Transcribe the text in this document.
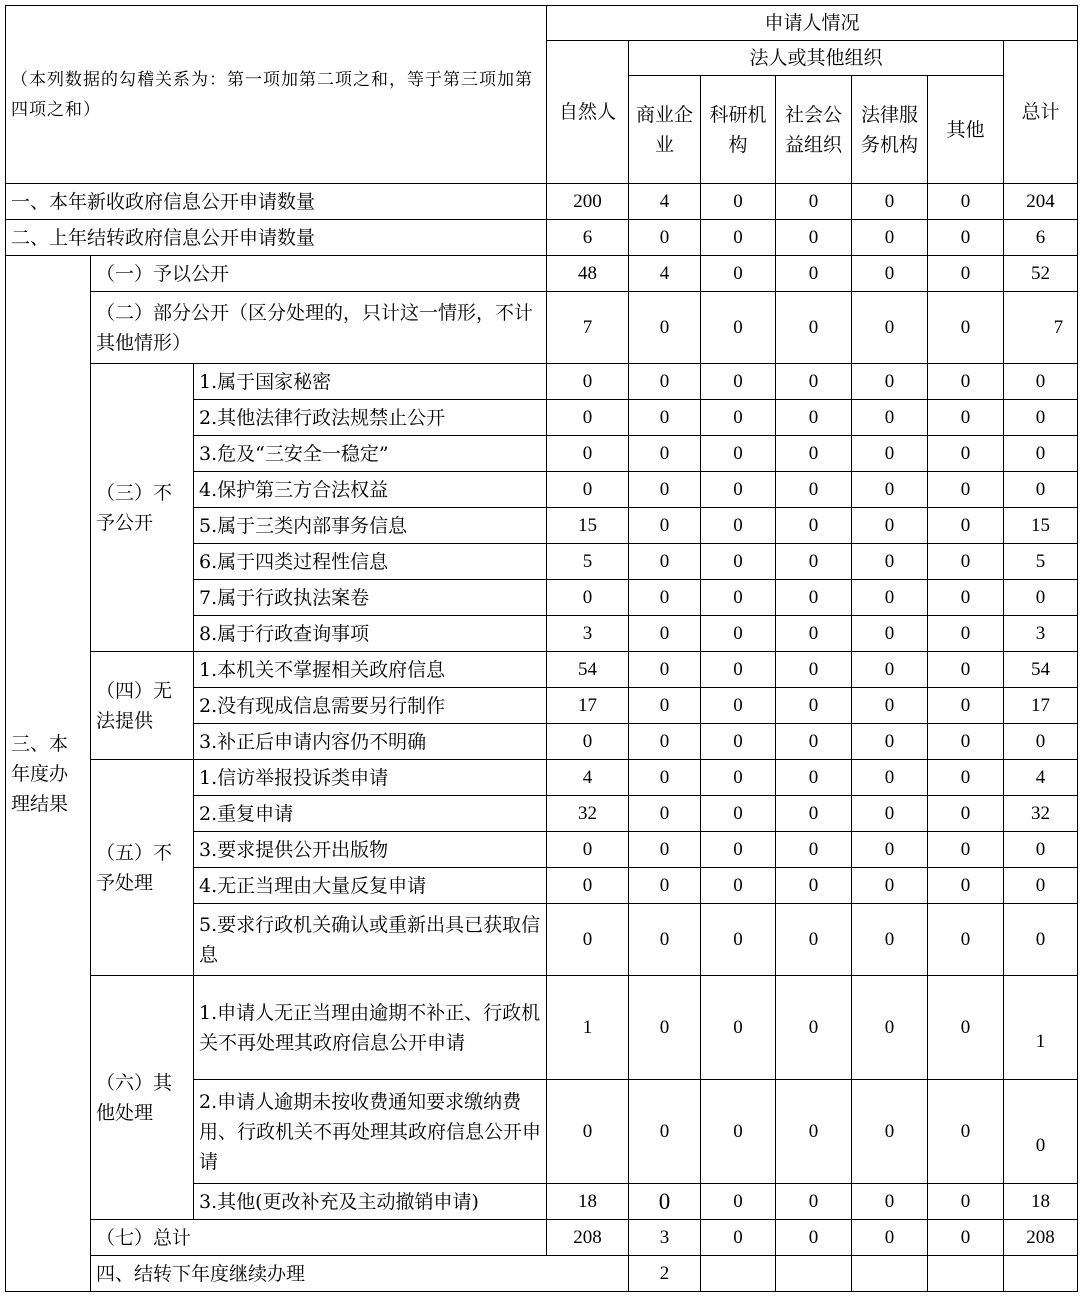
（本列数据的勾稽关系为：第一项加第二项之和，等于第三项加第四项之和）			申请人情况							
			自然人	法人或其他组织					总计	
				商业企业	科研机构	社会公益组织	法律服务机构	其他		
一、本年新收政府信息公开申请数量			200	4	0	0	0	0	204	
二、上年结转政府信息公开申请数量			6	0	0	0	0	0	6	
三、本年度办理结果	（一）予以公开		48	4	0	0	0	0	52	
	（二）部分公开（区分处理的，只计这一情形，不计其他情形）		7	0	0	0	0	0	7	
	（三）不予公开	1.属于国家秘密	0	0	0	0	0	0	0	
		2.其他法律行政法规禁止公开	0	0	0	0	0	0	0	
		3.危及“三安全一稳定”	0	0	0	0	0	0	0	
		4.保护第三方合法权益	0	0	0	0	0	0	0	
		5.属于三类内部事务信息	15	0	0	0	0	0	15	
		6.属于四类过程性信息	5	0	0	0	0	0	5	
		7.属于行政执法案卷	0	0	0	0	0	0	0	
		8.属于行政查询事项	3	0	0	0	0	0	3	
	（四）无法提供	1.本机关不掌握相关政府信息	54	0	0	0	0	0	54	
		2.没有现成信息需要另行制作	17	0	0	0	0	0	17	
		3.补正后申请内容仍不明确	0	0	0	0	0	0	0	
	（五）不予处理	1.信访举报投诉类申请	4	0	0	0	0	0	4	
		2.重复申请	32	0	0	0	0	0	32	
		3.要求提供公开出版物	0	0	0	0	0	0	0	
		4.无正当理由大量反复申请	0	0	0	0	0	0	0	
		5.要求行政机关确认或重新出具已获取信息	0	0	0	0	0	0	0	
	（六）其他处理	1.申请人无正当理由逾期不补正、行政机关不再处理其政府信息公开申请	1	0	0	0	0	0	1	
		2.申请人逾期未按收费通知要求缴纳费用、行政机关不再处理其政府信息公开申请	0	0	0	0	0	0	0	
		3.其他(更改补充及主动撤销申请)	18	0	0	0	0	0	18	
	（七）总计		208	3	0	0	0	0	208	
	四、结转下年度继续办理			2						
